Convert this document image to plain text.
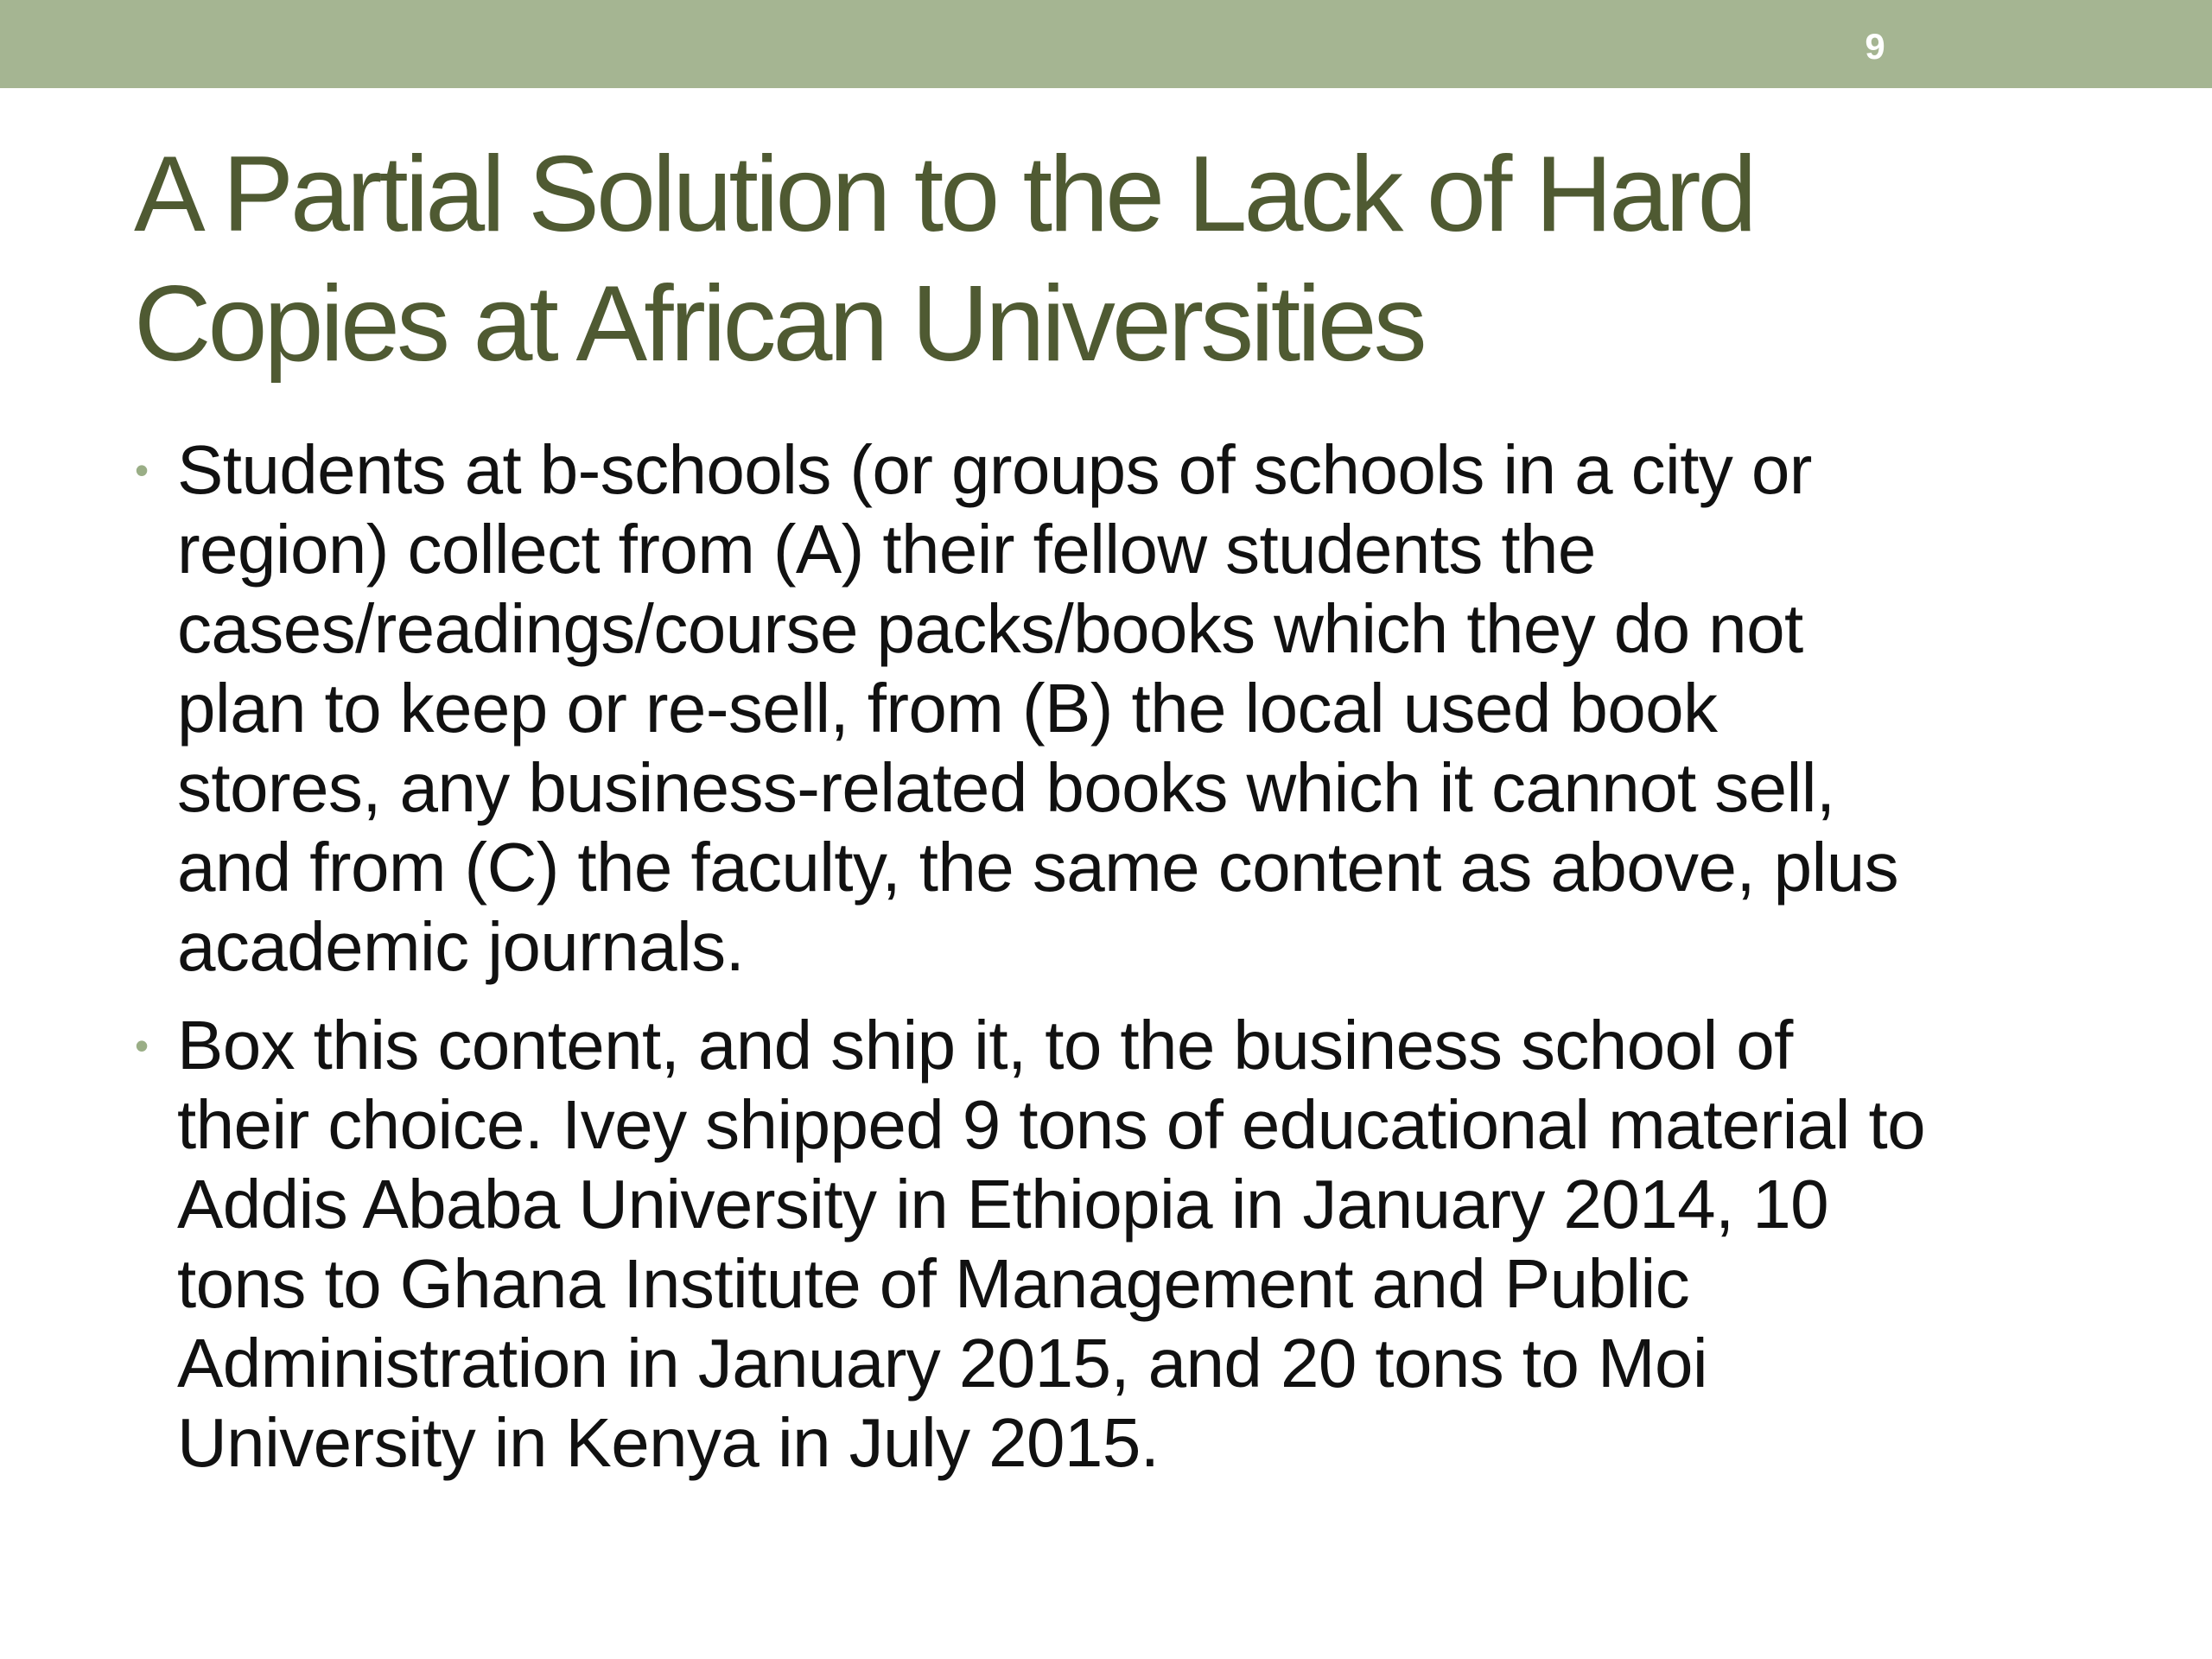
9
A Partial Solution to the Lack of Hard
Copies at African Universities
• Students at b-schools (or groups of schools in a city or
region) collect from (A) their fellow students the
cases/readings/course packs/books which they do not
plan to keep or re-sell, from (B) the local used book
stores, any business-related books which it cannot sell,
and from (C) the faculty, the same content as above, plus
academic journals.
• Box this content, and ship it, to the business school of
their choice. Ivey shipped 9 tons of educational material to
Addis Ababa University in Ethiopia in January 2014, 10
tons to Ghana Institute of Management and Public
Administration in January 2015, and 20 tons to Moi
University in Kenya in July 2015.
